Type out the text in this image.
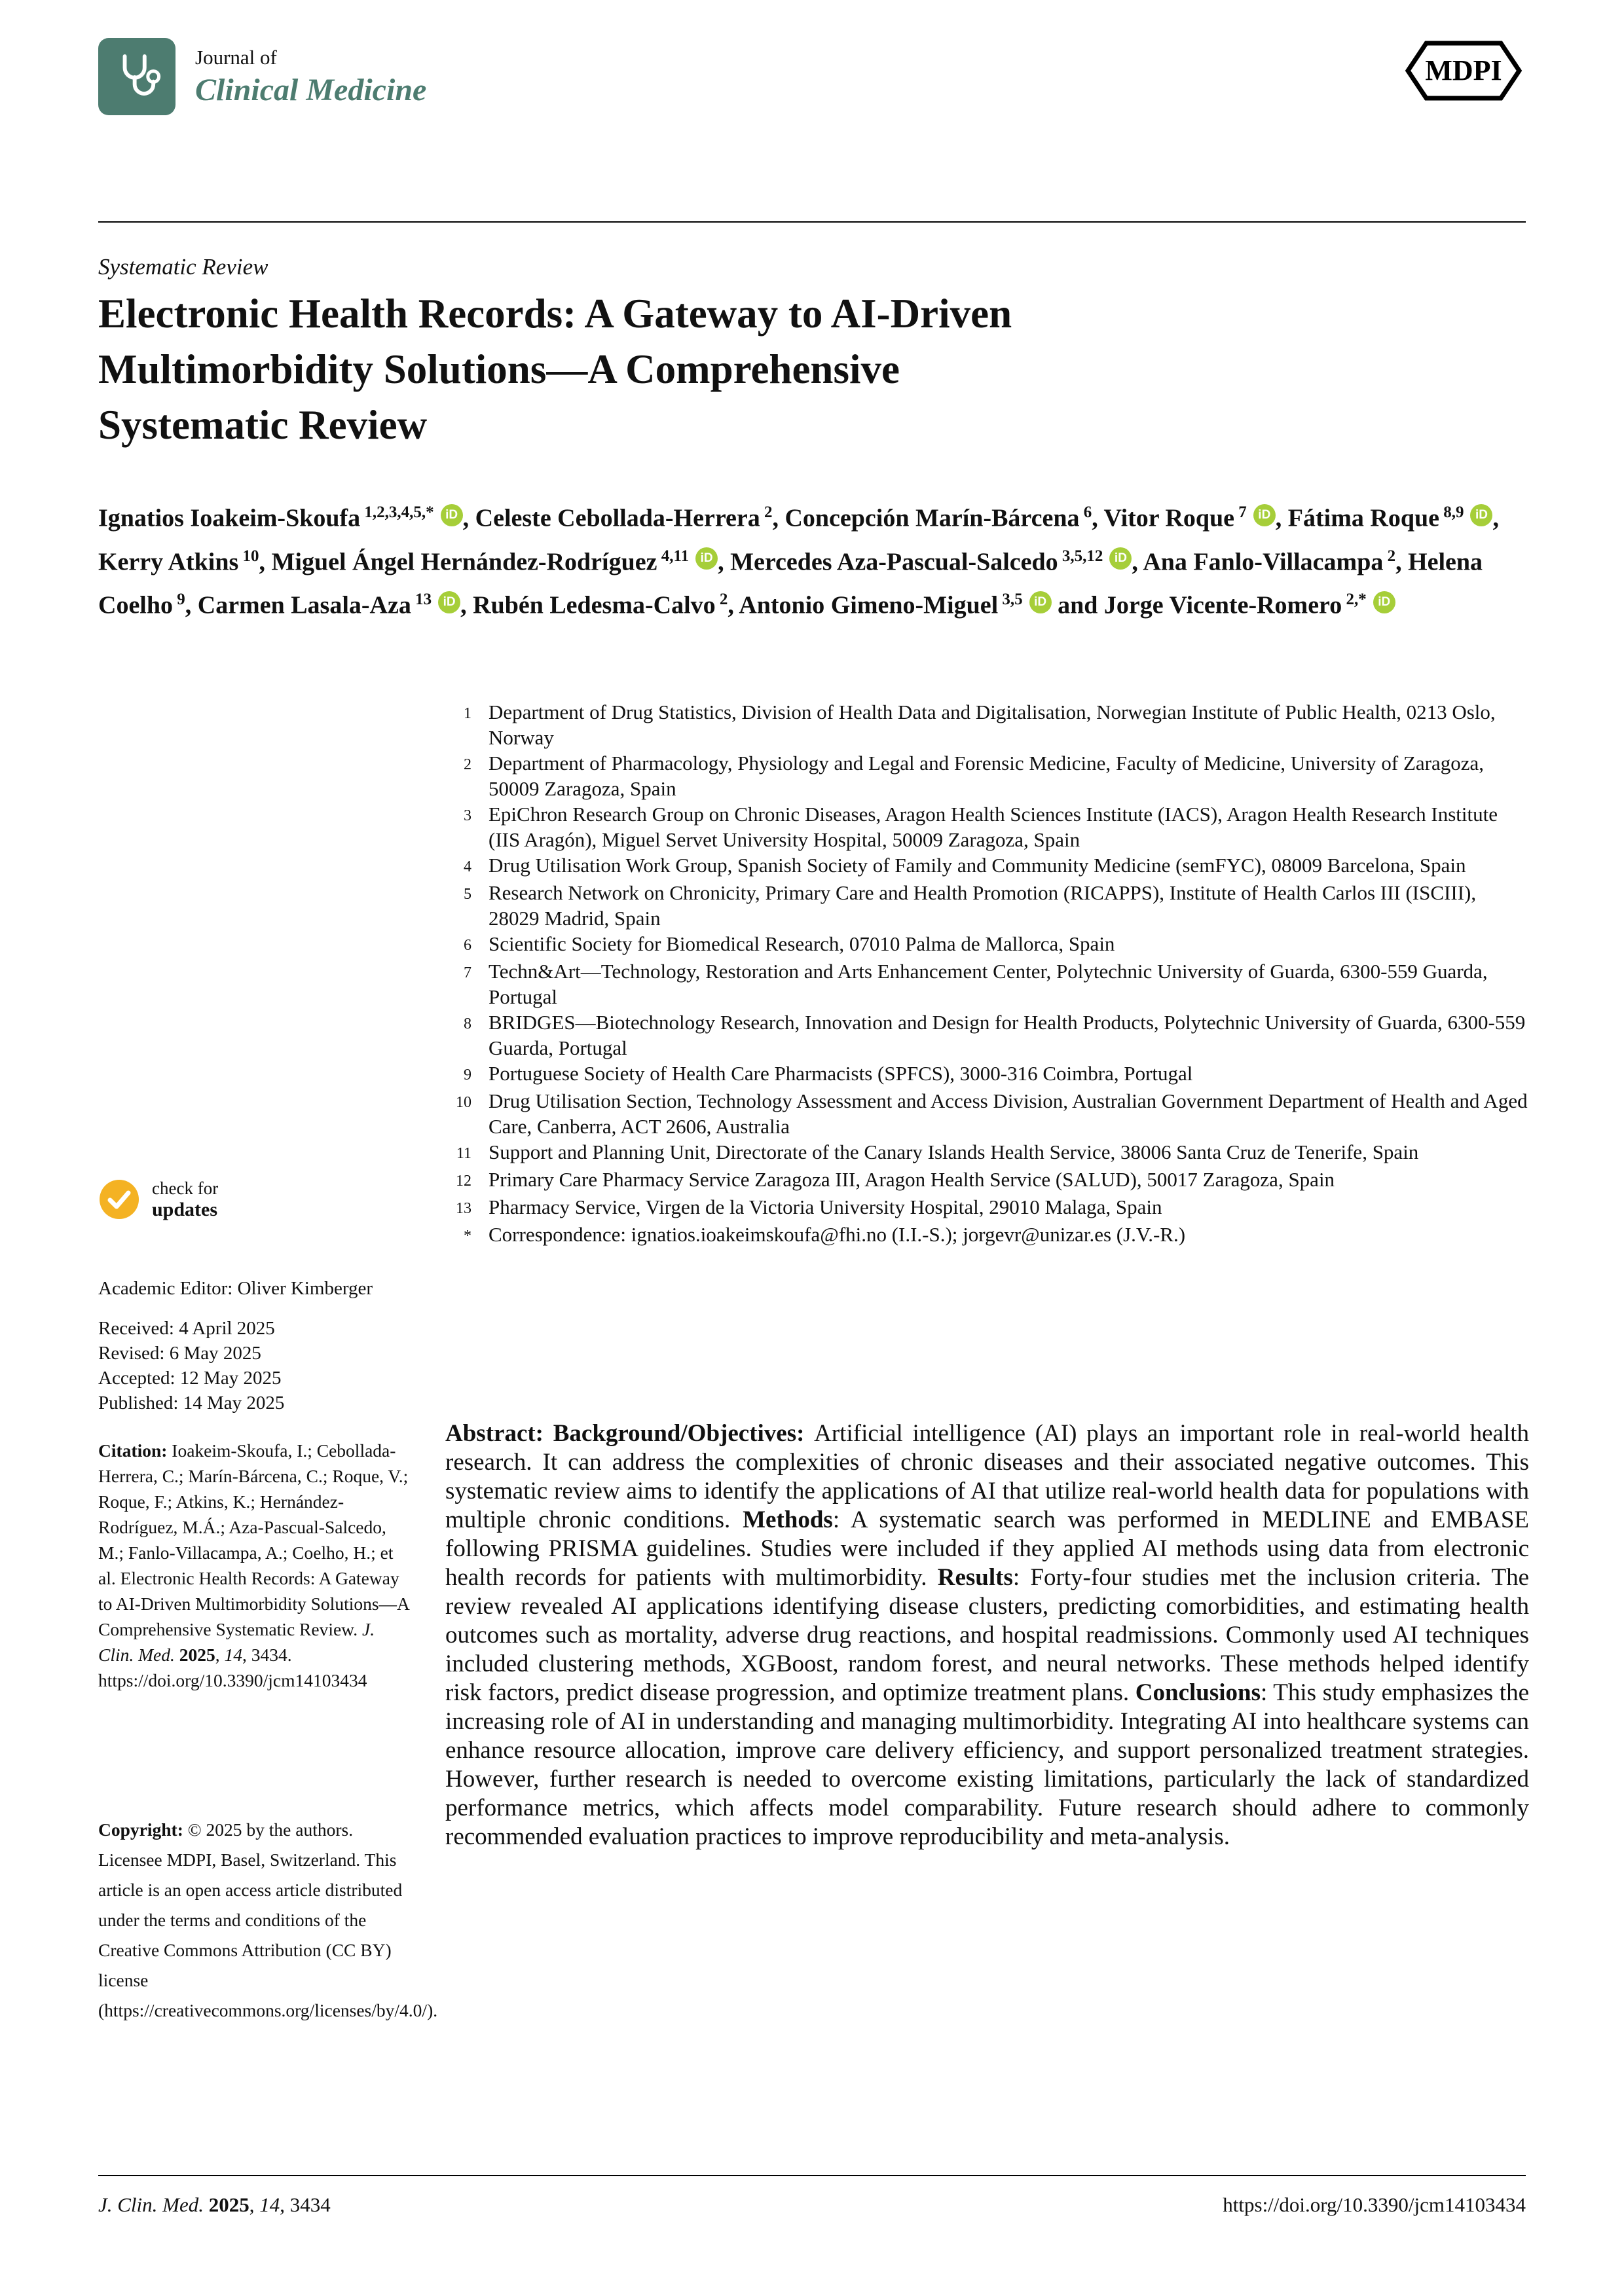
Journal of
Clinical Medicine
MDPI
Systematic Review
Electronic Health Records: A Gateway to AI-Driven
Multimorbidity Solutions—A Comprehensive
Systematic Review
Ignatios Ioakeim-Skoufa $^{1,2,3,4,5,*}$ iD , Celeste Cebollada-Herrera $^2$, Concepción Marín-Bárcena $^6$, Vitor Roque $^7$ iD , Fátima Roque $^{8,9}$ iD , Kerry Atkins $^{10}$, Miguel Ángel Hernández-Rodríguez $^{4,11}$ iD , Mercedes Aza-Pascual-Salcedo $^{3,5,12}$ iD , Ana Fanlo-Villacampa $^2$, Helena Coelho $^9$, Carmen Lasala-Aza $^{13}$ iD , Rubén Ledesma-Calvo $^2$, Antonio Gimeno-Miguel $^{3,5}$ iD and Jorge Vicente-Romero $^{2,*}$ iD
1 Department of Drug Statistics, Division of Health Data and Digitalisation, Norwegian Institute of Public Health, 0213 Oslo, Norway
2 Department of Pharmacology, Physiology and Legal and Forensic Medicine, Faculty of Medicine, University of Zaragoza, 50009 Zaragoza, Spain
3 EpiChron Research Group on Chronic Diseases, Aragon Health Sciences Institute (IACS), Aragon Health Research Institute (IIS Aragón), Miguel Servet University Hospital, 50009 Zaragoza, Spain
4 Drug Utilisation Work Group, Spanish Society of Family and Community Medicine (semFYC), 08009 Barcelona, Spain
5 Research Network on Chronicity, Primary Care and Health Promotion (RICAPPS), Institute of Health Carlos III (ISCIII), 28029 Madrid, Spain
6 Scientific Society for Biomedical Research, 07010 Palma de Mallorca, Spain
7 Techn&Art—Technology, Restoration and Arts Enhancement Center, Polytechnic University of Guarda, 6300-559 Guarda, Portugal
8 BRIDGES—Biotechnology Research, Innovation and Design for Health Products, Polytechnic University of Guarda, 6300-559 Guarda, Portugal
9 Portuguese Society of Health Care Pharmacists (SPFCS), 3000-316 Coimbra, Portugal
10 Drug Utilisation Section, Technology Assessment and Access Division, Australian Government Department of Health and Aged Care, Canberra, ACT 2606, Australia
11 Support and Planning Unit, Directorate of the Canary Islands Health Service, 38006 Santa Cruz de Tenerife, Spain
12 Primary Care Pharmacy Service Zaragoza III, Aragon Health Service (SALUD), 50017 Zaragoza, Spain
13 Pharmacy Service, Virgen de la Victoria University Hospital, 29010 Malaga, Spain
* Correspondence: ignatios.ioakeimskoufa@fhi.no (I.I.-S.); jorgevr@unizar.es (J.V.-R.)

Abstract: Background/Objectives: Artificial intelligence (AI) plays an important role in real-world health research. It can address the complexities of chronic diseases and their associated negative outcomes. This systematic review aims to identify the applications of AI that utilize real-world health data for populations with multiple chronic conditions. Methods: A systematic search was performed in MEDLINE and EMBASE following PRISMA guidelines. Studies were included if they applied AI methods using data from electronic health records for patients with multimorbidity. Results: Forty-four studies met the inclusion criteria. The review revealed AI applications identifying disease clusters, predicting comorbidities, and estimating health outcomes such as mortality, adverse drug reactions, and hospital readmissions. Commonly used AI techniques included clustering methods, XGBoost, random forest, and neural networks. These methods helped identify risk factors, predict disease progression, and optimize treatment plans. Conclusions: This study emphasizes the increasing role of AI in understanding and managing multimorbidity. Integrating AI into healthcare systems can enhance resource allocation, improve care delivery efficiency, and support personalized treatment strategies. However, further research is needed to overcome existing limitations, particularly the lack of standardized performance metrics, which affects model comparability. Future research should adhere to commonly recommended evaluation practices to improve reproducibility and meta-analysis.

check for
updates
Academic Editor: Oliver Kimberger
Received: 4 April 2025
Revised: 6 May 2025
Accepted: 12 May 2025
Published: 14 May 2025
Citation: Ioakeim-Skoufa, I.; Cebollada-Herrera, C.; Marín-Bárcena, C.; Roque, V.; Roque, F.; Atkins, K.; Hernández-Rodríguez, M.Á.; Aza-Pascual-Salcedo, M.; Fanlo-Villacampa, A.; Coelho, H.; et al. Electronic Health Records: A Gateway to AI-Driven Multimorbidity Solutions—A Comprehensive Systematic Review. J. Clin. Med. 2025, 14, 3434. https://doi.org/10.3390/jcm14103434
Copyright: © 2025 by the authors. Licensee MDPI, Basel, Switzerland. This article is an open access article distributed under the terms and conditions of the Creative Commons Attribution (CC BY) license (https://creativecommons.org/licenses/by/4.0/).
J. Clin. Med. 2025, 14, 3434	https://doi.org/10.3390/jcm14103434
